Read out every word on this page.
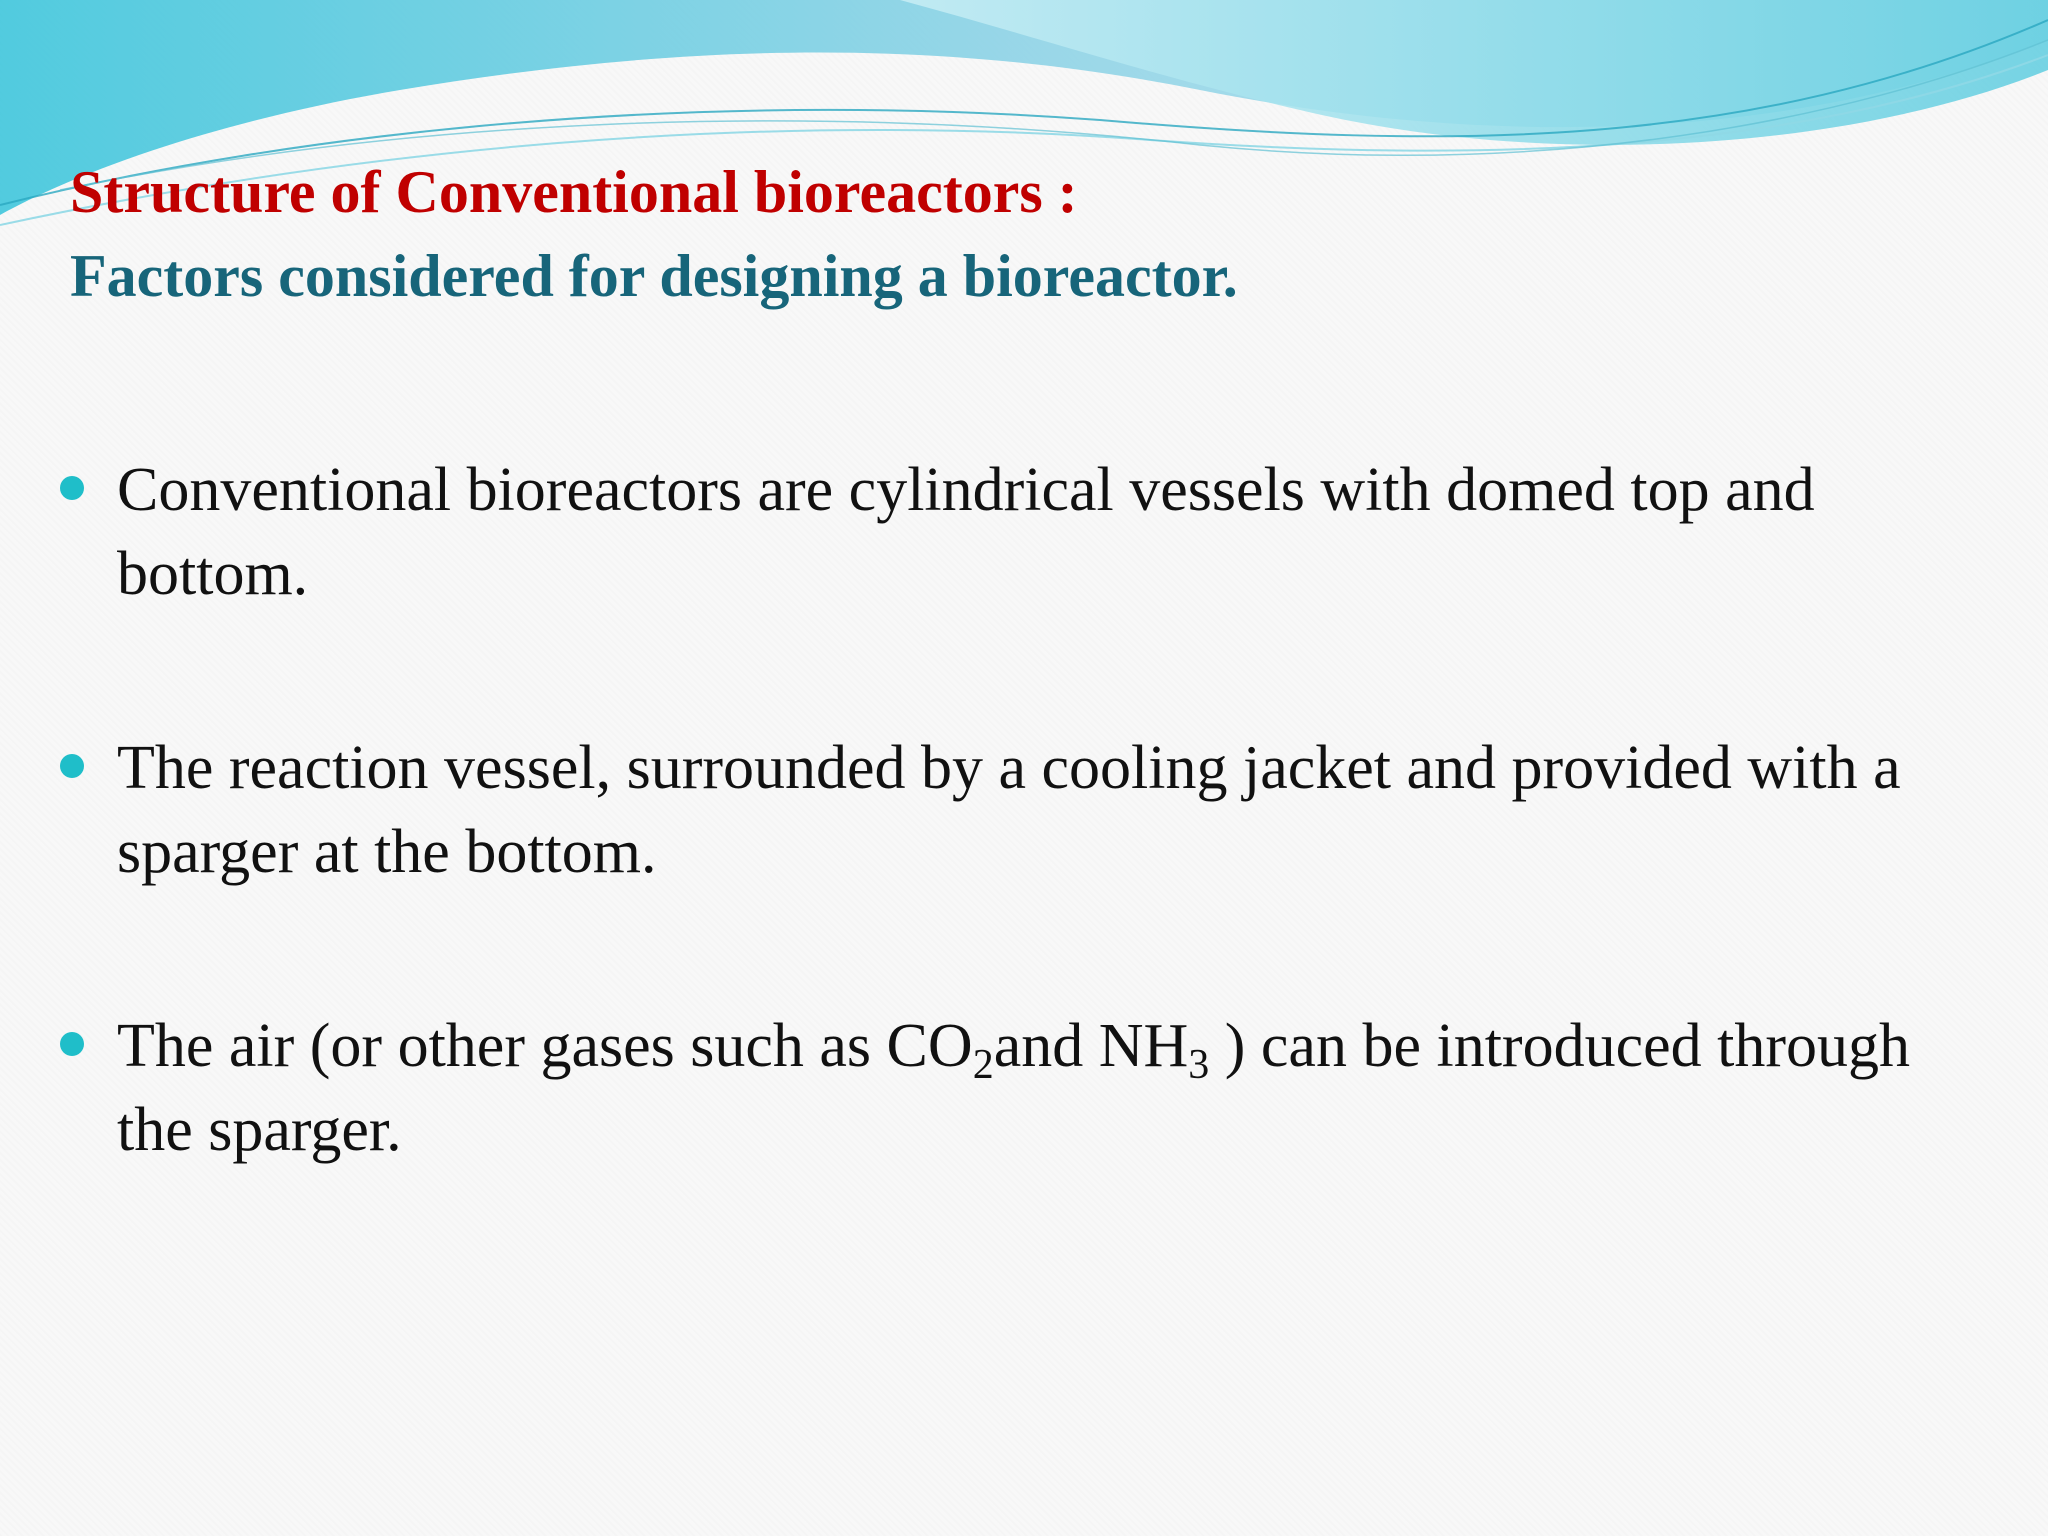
Structure of Conventional bioreactors :
Factors considered for designing a bioreactor.
Conventional bioreactors are cylindrical vessels with domed top and bottom.
The reaction vessel, surrounded by a cooling jacket and provided with a sparger at the bottom.
The air (or other gases such as $CO_2and$ $NH_3$ ) can be introduced through the sparger.
